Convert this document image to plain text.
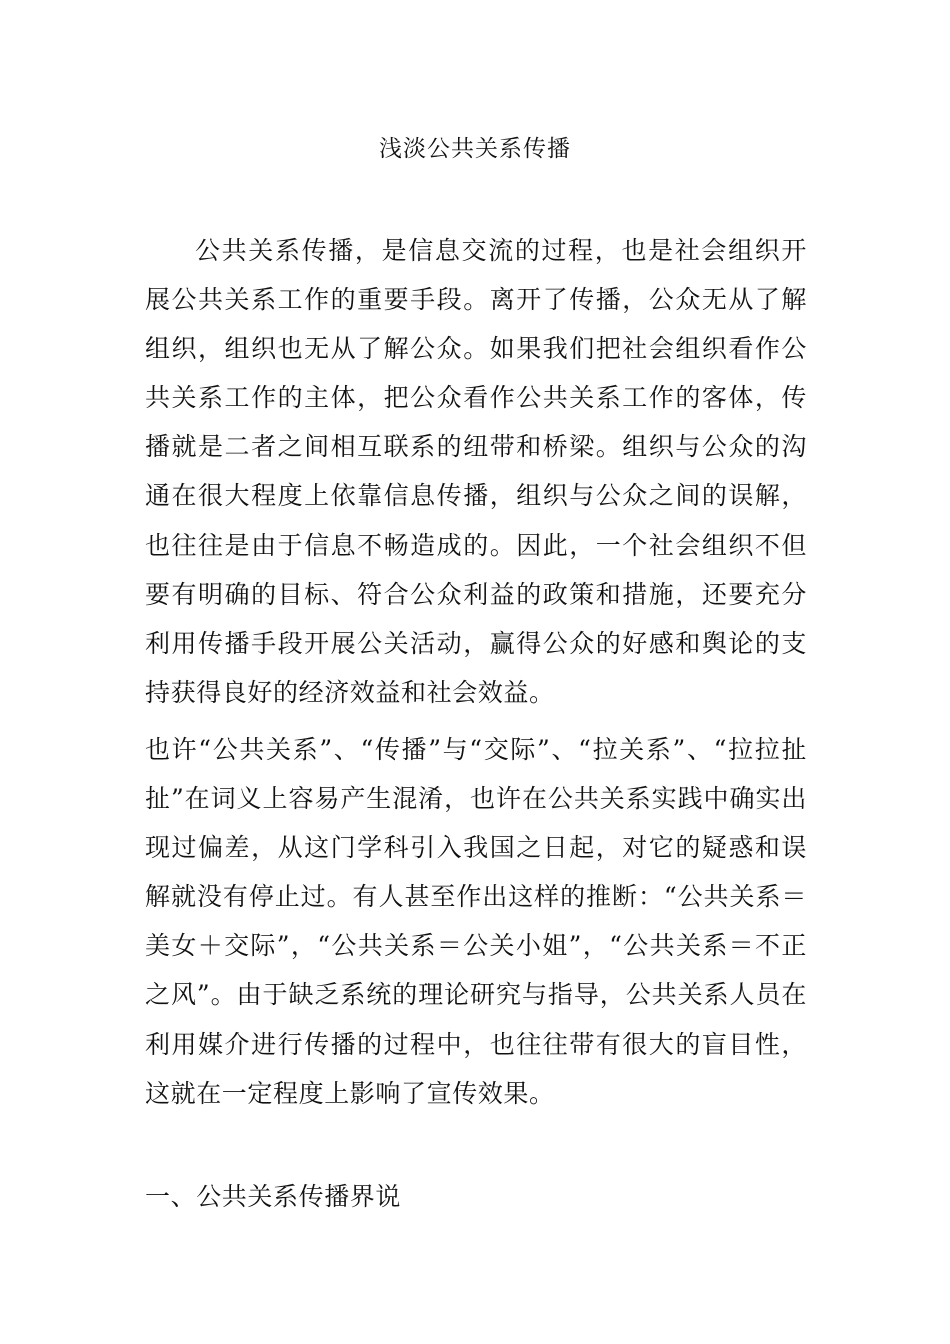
浅淡公共关系传播

公共关系传播，是信息交流的过程，也是社会组织开展公共关系工作的重要手段。离开了传播，公众无从了解组织，组织也无从了解公众。如果我们把社会组织看作公共关系工作的主体，把公众看作公共关系工作的客体，传播就是二者之间相互联系的纽带和桥梁。组织与公众的沟通在很大程度上依靠信息传播，组织与公众之间的误解，也往往是由于信息不畅造成的。因此，一个社会组织不但要有明确的目标、符合公众利益的政策和措施，还要充分利用传播手段开展公关活动，赢得公众的好感和舆论的支持获得良好的经济效益和社会效益。

也许“公共关系”、“传播”与“交际”、“拉关系”、“拉拉扯扯”在词义上容易产生混淆，也许在公共关系实践中确实出现过偏差，从这门学科引入我国之日起，对它的疑惑和误解就没有停止过。有人甚至作出这样的推断：“公共关系＝美女＋交际”，“公共关系＝公关小姐”，“公共关系＝不正之风”。由于缺乏系统的理论研究与指导，公共关系人员在利用媒介进行传播的过程中，也往往带有很大的盲目性，这就在一定程度上影响了宣传效果。

一、公共关系传播界说
